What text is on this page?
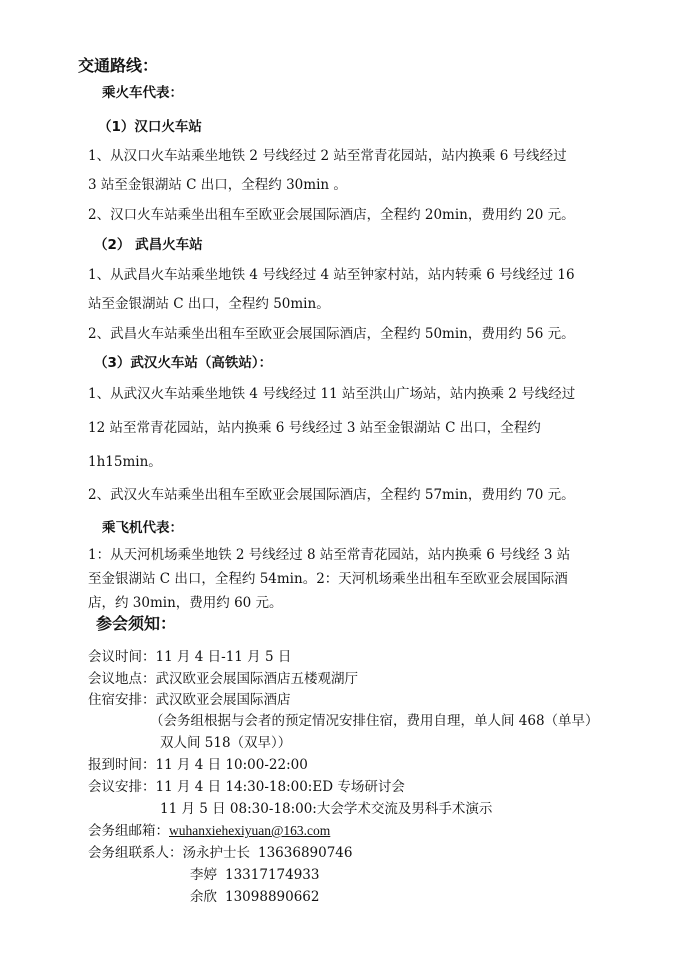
交通路线：
乘火车代表：
（1）汉口火车站
1、从汉口火车站乘坐地铁 2 号线经过 2 站至常青花园站，站内换乘 6 号线经过
3 站至金银湖站 C 出口，全程约 30min 。
2、汉口火车站乘坐出租车至欧亚会展国际酒店，全程约 20min，费用约 20 元。
（2） 武昌火车站
1、从武昌火车站乘坐地铁 4 号线经过 4 站至钟家村站，站内转乘 6 号线经过 16
站至金银湖站 C 出口，全程约 50min。
2、武昌火车站乘坐出租车至欧亚会展国际酒店，全程约 50min，费用约 56 元。
（3）武汉火车站（高铁站）：
1、从武汉火车站乘坐地铁 4 号线经过 11 站至洪山广场站，站内换乘 2 号线经过
12 站至常青花园站，站内换乘 6 号线经过 3 站至金银湖站 C 出口，全程约
1h15min。
2、武汉火车站乘坐出租车至欧亚会展国际酒店，全程约 57min，费用约 70 元。
乘飞机代表：
1：从天河机场乘坐地铁 2 号线经过 8 站至常青花园站，站内换乘 6 号线经 3 站
至金银湖站 C 出口，全程约 54min。2：天河机场乘坐出租车至欧亚会展国际酒
店，约 30min，费用约 60 元。
参会须知：
会议时间：11 月 4 日-11 月 5 日
会议地点：武汉欧亚会展国际酒店五楼观湖厅
住宿安排：武汉欧亚会展国际酒店
（会务组根据与会者的预定情况安排住宿，费用自理，单人间 468（单早）
双人间 518（双早））
报到时间：11 月 4 日 10:00-22:00
会议安排：11 月 4 日 14:30-18:00:ED 专场研讨会
11 月 5 日 08:30-18:00:大会学术交流及男科手术演示
会务组邮箱：wuhanxiehexiyuan@163.com
会务组联系人：汤永护士长 13636890746
李婷 13317174933
余欣 13098890662
